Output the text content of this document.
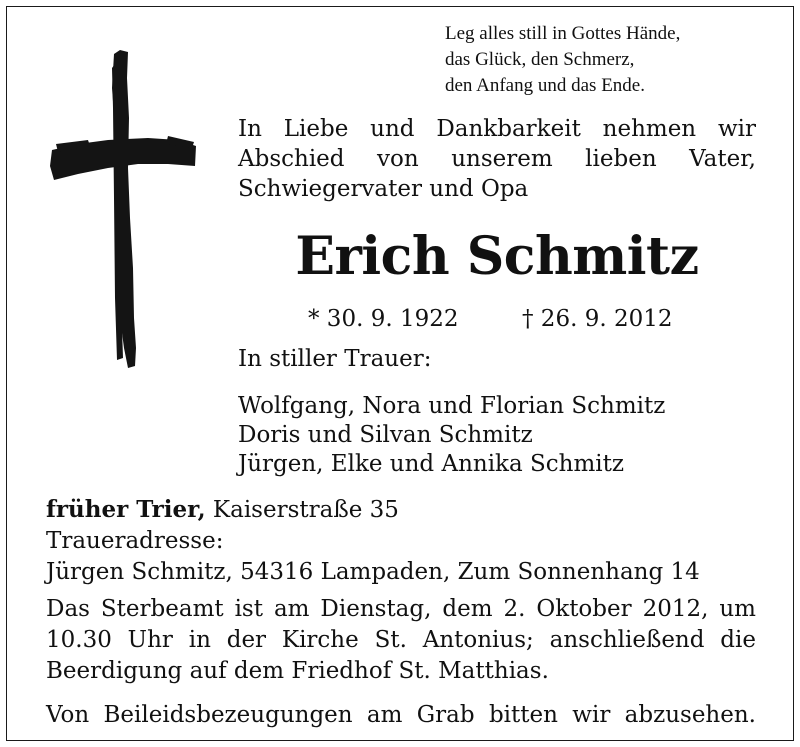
Leg alles still in Gottes Hände,
das Glück, den Schmerz,
den Anfang und das Ende.
In Liebe und Dankbarkeit nehmen wir
Abschied von unserem lieben Vater,
Schwiegervater und Opa
Erich Schmitz
* 30. 9. 1922	† 26. 9. 2012
In stiller Trauer:
Wolfgang, Nora und Florian Schmitz
Doris und Silvan Schmitz
Jürgen, Elke und Annika Schmitz
früher Trier, Kaiserstraße 35
Traueradresse:
Jürgen Schmitz, 54316 Lampaden, Zum Sonnenhang 14
Das Sterbeamt ist am Dienstag, dem 2. Oktober 2012, um
10.30 Uhr in der Kirche St. Antonius; anschließend die
Beerdigung auf dem Friedhof St. Matthias.
Von Beileidsbezeugungen am Grab bitten wir abzusehen.
